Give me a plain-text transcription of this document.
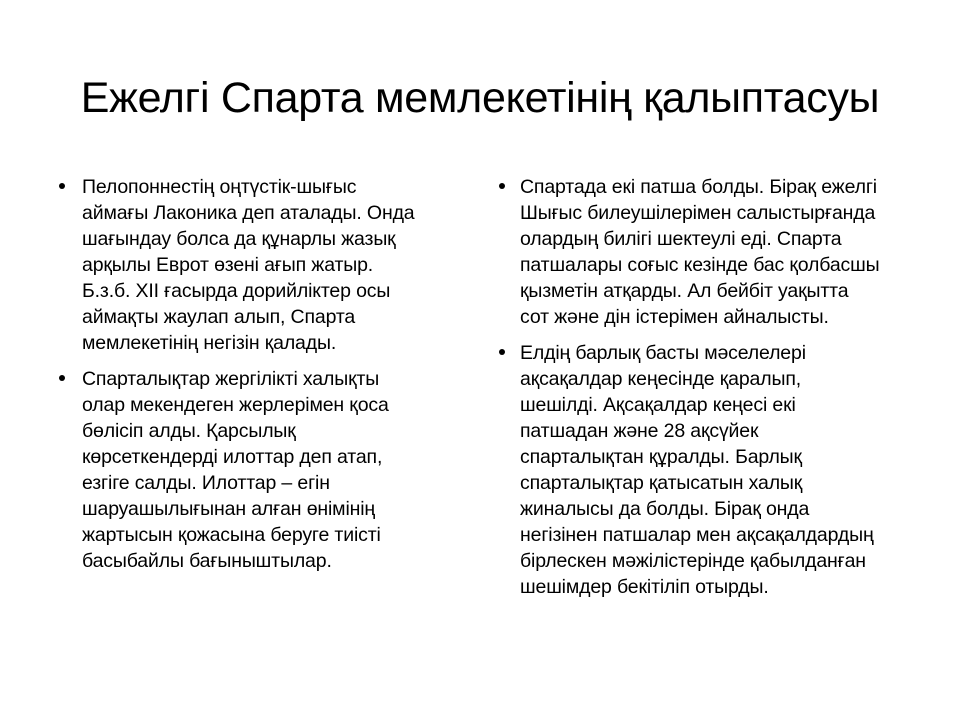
Ежелгі Спарта мемлекетінің қалыптасуы
Пелопоннестің оңтүстік-шығыс
аймағы Лаконика деп аталады. Онда
шағындау болса да құнарлы жазық
арқылы Еврот өзені ағып жатыр.
Б.з.б. XII ғасырда дорийліктер осы
аймақты жаулап алып, Спарта
мемлекетінің негізін қалады.
Спарталықтар жергілікті халықты
олар мекендеген жерлерімен қоса
бөлісіп алды. Қарсылық
көрсеткендерді илоттар деп атап,
езгіге салды. Илоттар – егін
шаруашылығынан алған өнімінің
жартысын қожасына беруге тиісті
басыбайлы бағыныштылар.
Спартада екі патша болды. Бірақ ежелгі
Шығыс билеушілерімен салыстырғанда
олардың билігі шектеулі еді. Спарта
патшалары соғыс кезінде бас қолбасшы
қызметін атқарды. Ал бейбіт уақытта
сот және дін істерімен айналысты.
Елдің барлық басты мәселелері
ақсақалдар кеңесінде қаралып,
шешілді. Ақсақалдар кеңесі екі
патшадан және 28 ақсүйек
спарталықтан құралды. Барлық
спарталықтар қатысатын халық
жиналысы да болды. Бірақ онда
негізінен патшалар мен ақсақалдардың
бірлескен мәжілістерінде қабылданған
шешімдер бекітіліп отырды.
